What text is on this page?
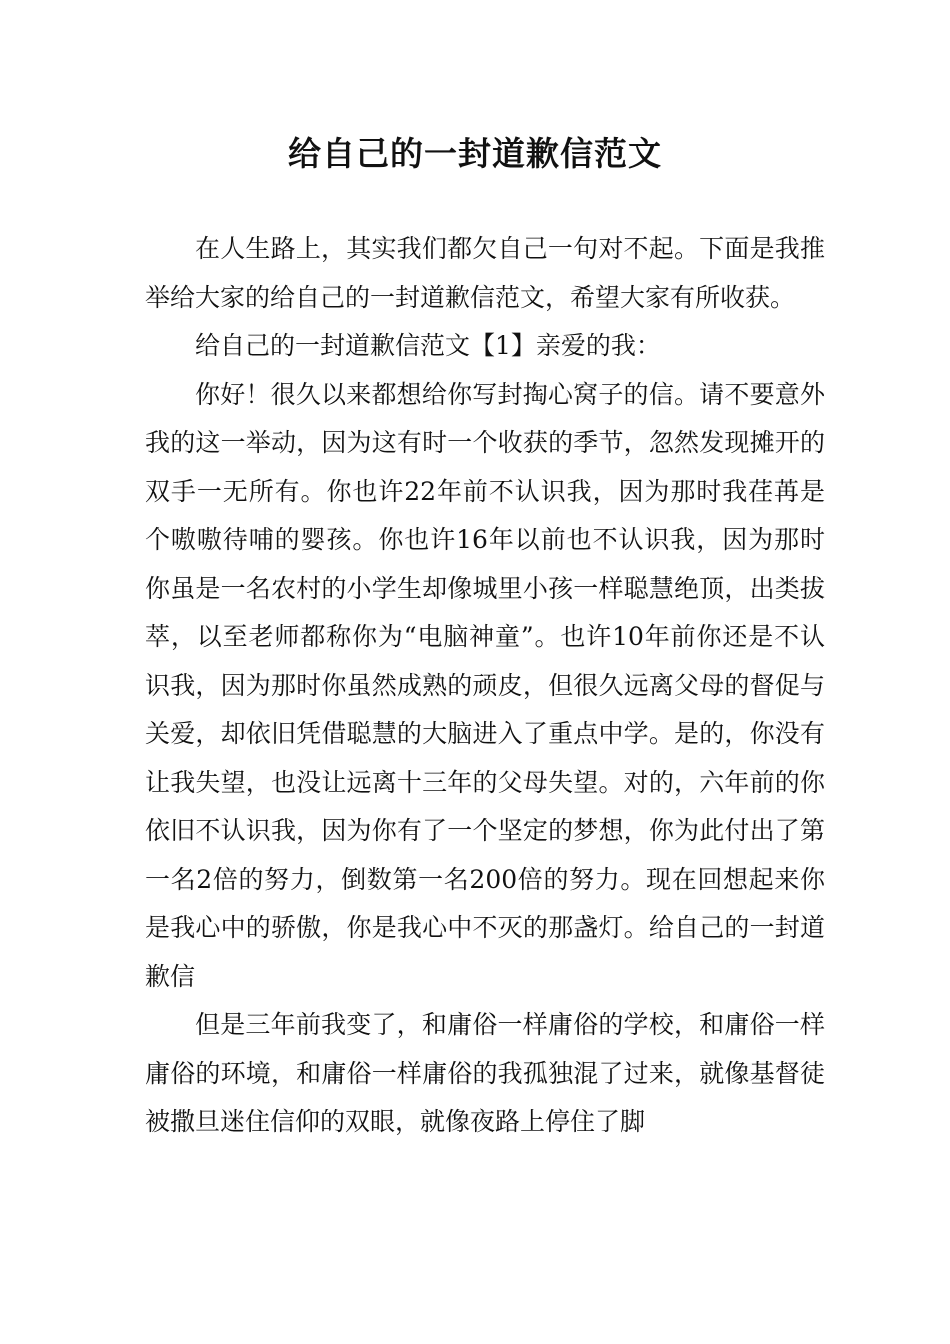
给自己的一封道歉信范文

在人生路上，其实我们都欠自己一句对不起。下面是我推举给大家的给自己的一封道歉信范文，希望大家有所收获。

给自己的一封道歉信范文【1】亲爱的我：

你好！很久以来都想给你写封掏心窝子的信。请不要意外我的这一举动，因为这有时一个收获的季节，忽然发现摊开的双手一无所有。你也许22年前不认识我，因为那时我荏苒是个嗷嗷待哺的婴孩。你也许16年以前也不认识我，因为那时你虽是一名农村的小学生却像城里小孩一样聪慧绝顶，出类拔萃，以至老师都称你为“电脑神童”。也许10年前你还是不认识我，因为那时你虽然成熟的顽皮，但很久远离父母的督促与关爱，却依旧凭借聪慧的大脑进入了重点中学。是的，你没有让我失望，也没让远离十三年的父母失望。对的，六年前的你依旧不认识我，因为你有了一个坚定的梦想，你为此付出了第一名2倍的努力，倒数第一名200倍的努力。现在回想起来你是我心中的骄傲，你是我心中不灭的那盏灯。给自己的一封道歉信

但是三年前我变了，和庸俗一样庸俗的学校，和庸俗一样庸俗的环境，和庸俗一样庸俗的我孤独混了过来，就像基督徒被撒旦迷住信仰的双眼，就像夜路上停住了脚
